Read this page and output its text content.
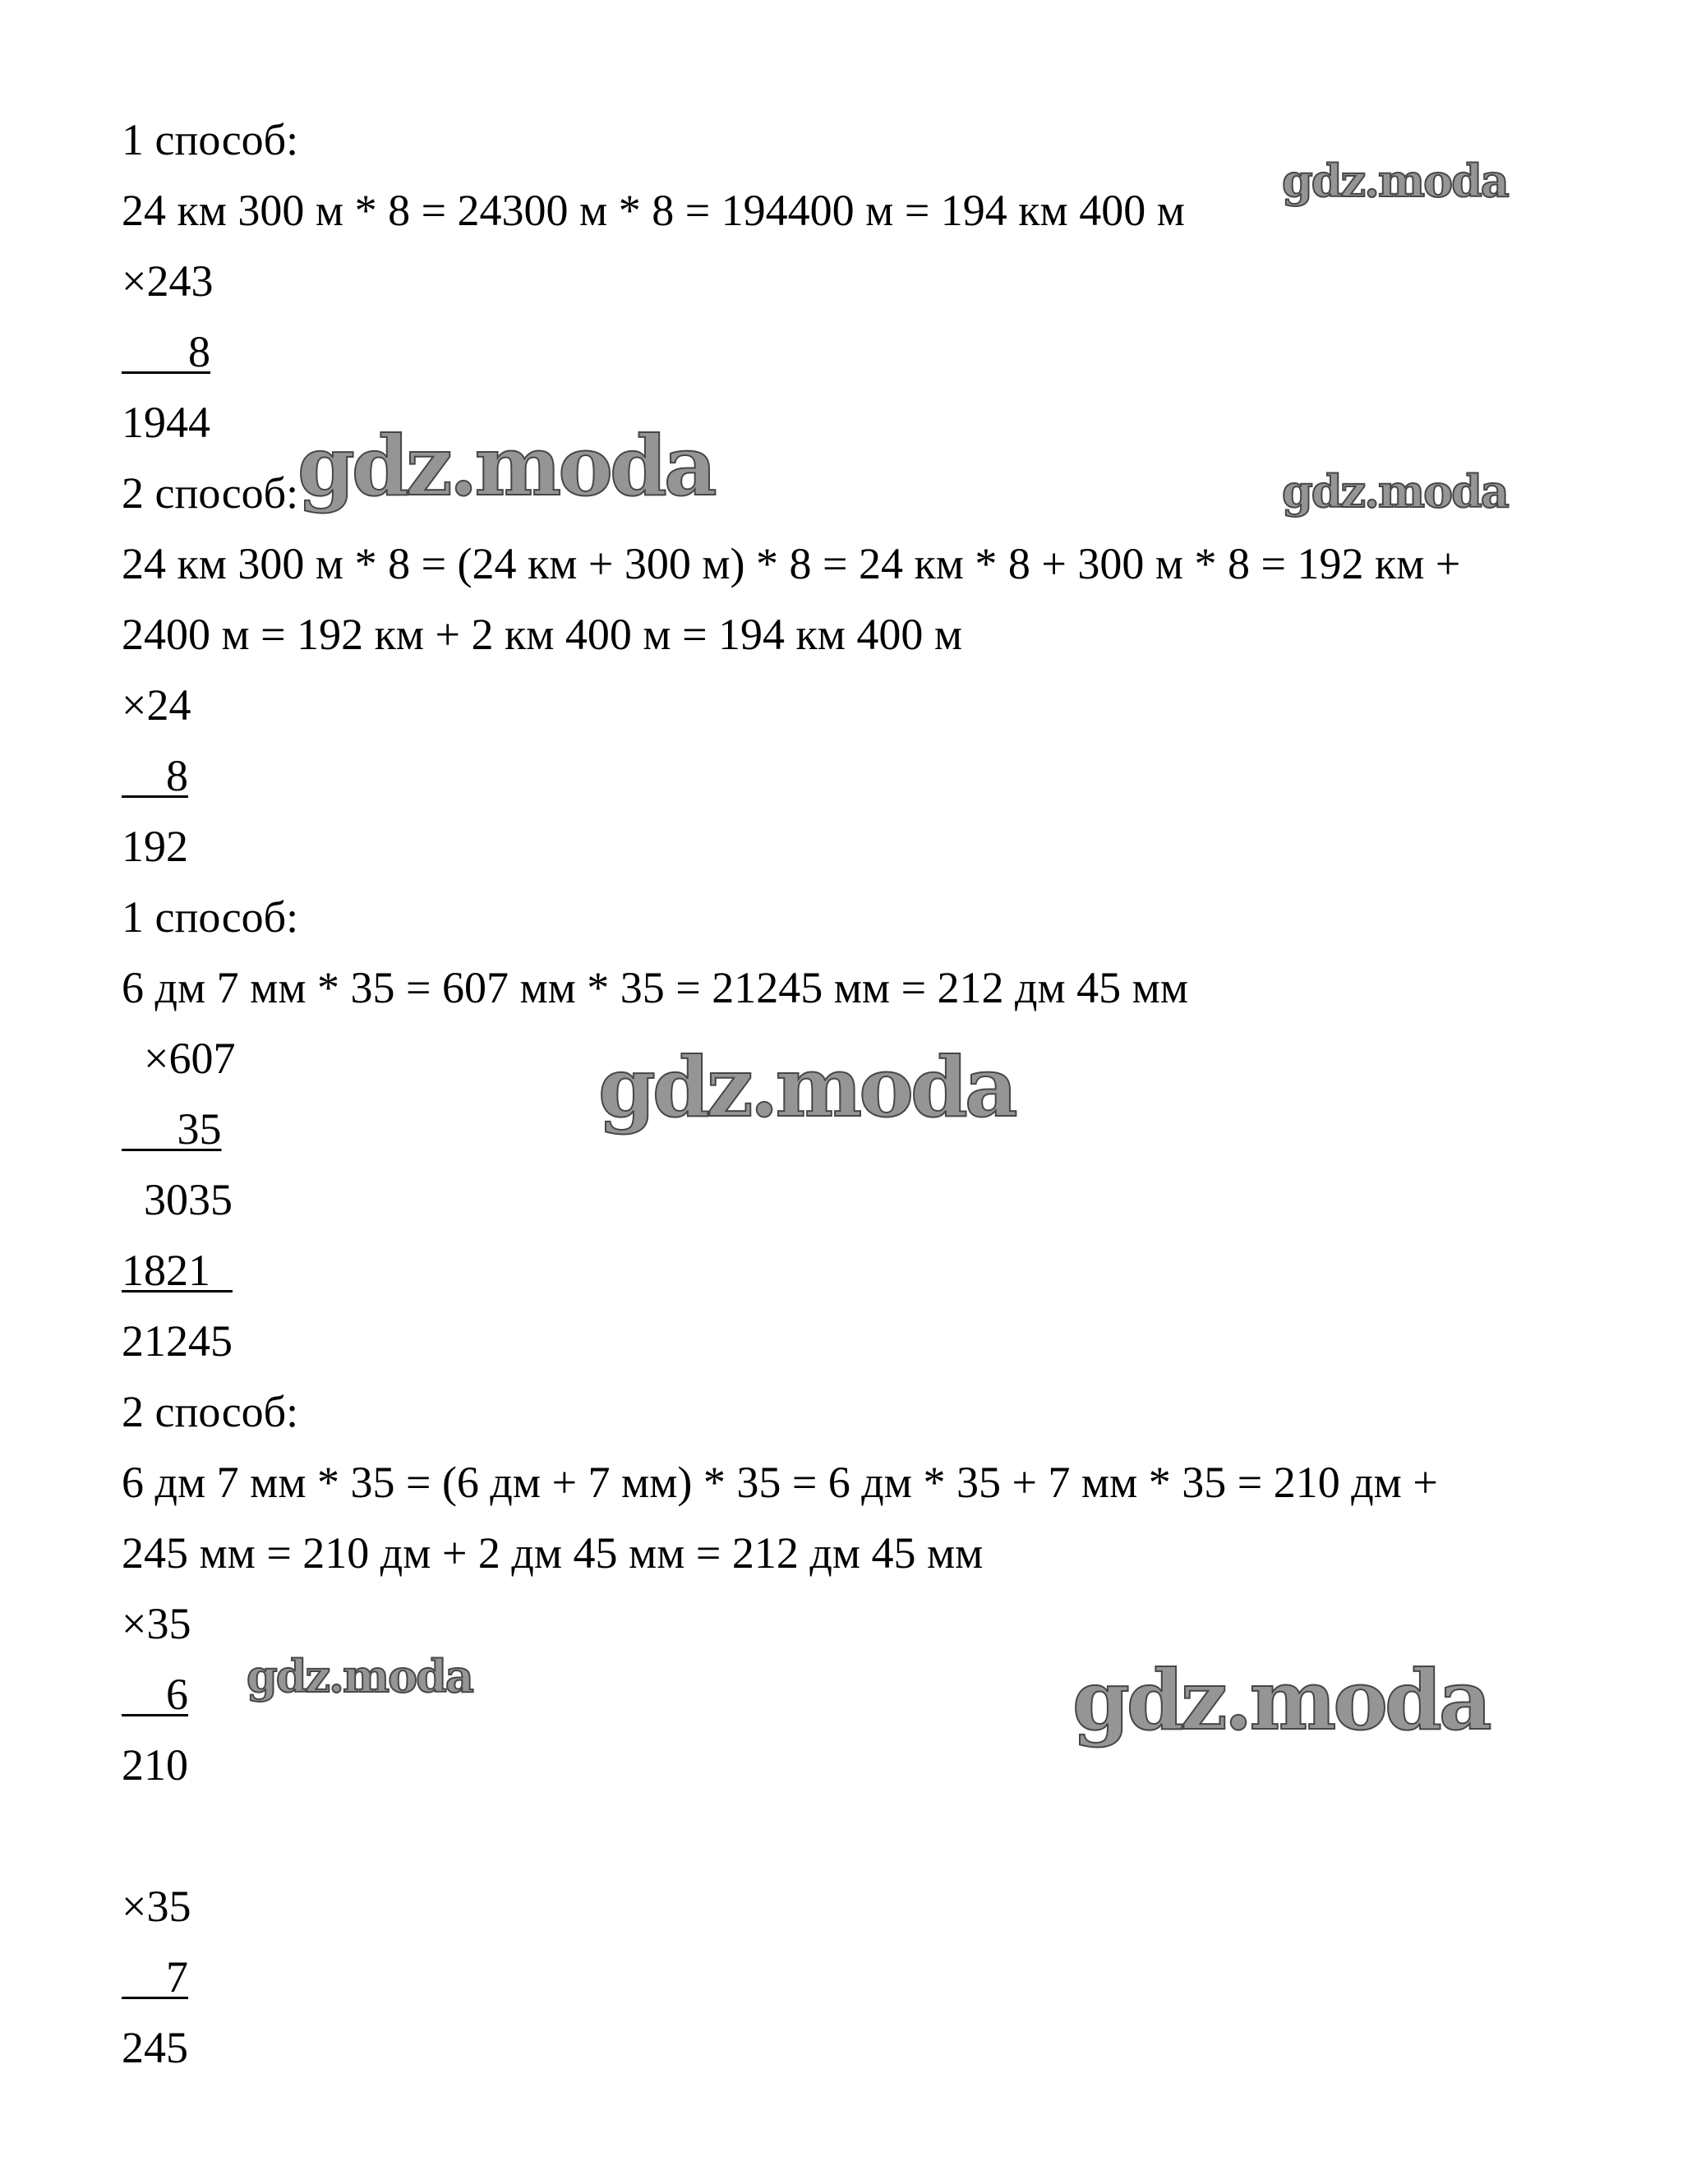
1 способ:
24 км 300 м * 8 = 24300 м * 8 = 194400 м = 194 км 400 м
×243
8
1944
2 способ:
24 км 300 м * 8 = (24 км + 300 м) * 8 = 24 км * 8 + 300 м * 8 = 192 км +
2400 м = 192 км + 2 км 400 м = 194 км 400 м
×24
8
192
1 способ:
6 дм 7 мм * 35 = 607 мм * 35 = 21245 мм = 212 дм 45 мм
×607
35
3035
1821
21245
2 способ:
6 дм 7 мм * 35 = (6 дм + 7 мм) * 35 = 6 дм * 35 + 7 мм * 35 = 210 дм +
245 мм = 210 дм + 2 дм 45 мм = 212 дм 45 мм
×35
6
210
×35
7
245
gdz.moda
gdz.moda	gdz.moda
gdz.moda
gdz.moda	gdz.moda
